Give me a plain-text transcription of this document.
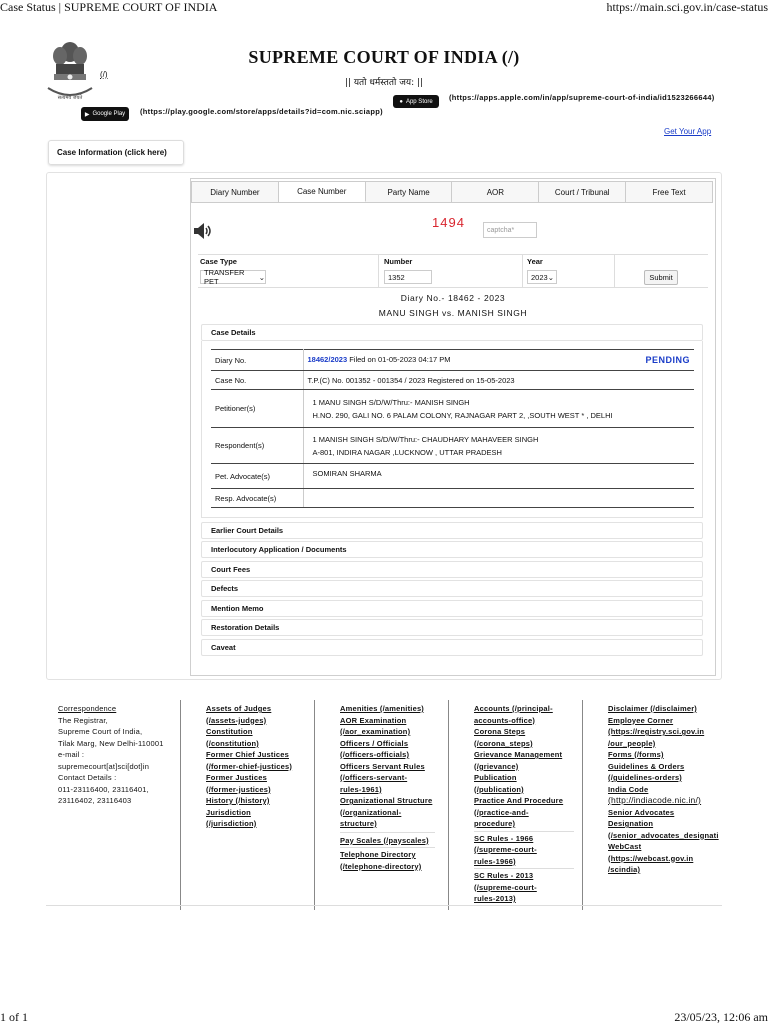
Case Status | SUPREME COURT OF INDIA	https://main.sci.gov.in/case-status
सत्यमेव जयते
(/)
SUPREME COURT OF INDIA (/)
|| यतो धर्मस्ततो जय: ||
▶ Google Play (https://play.google.com/store/apps/details?id=com.nic.sciapp)
● App Store (https://apps.apple.com/in/app/supreme-court-of-india/id1523266644)
Get Your App
Case Information (click here)
Diary Number	Case Number	Party Name	AOR	Court / Tribunal	Free Text
1494	captcha*
Case Type
TRANSFER PET	⌄
Number
1352
Year
2023 ⌄	Submit
Diary No.- 18462 - 2023
MANU SINGH vs. MANISH SINGH
Case Details
Diary No.	18462/2023 Filed on 01-05-2023 04:17 PM PENDING

Case No.	T.P.(C) No. 001352 - 001354 / 2023 Registered on 15-05-2023
Petitioner(s)	1 MANU SINGH S/D/W/Thru:- MANISH SINGH
H.NO. 290, GALI NO. 6 PALAM COLONY, RAJNAGAR PART 2, ,SOUTH WEST * , DELHI

Respondent(s)	1 MANISH SINGH S/D/W/Thru:- CHAUDHARY MAHAVEER SINGH
A-801, INDIRA NAGAR ,LUCKNOW , UTTAR PRADESH

Pet. Advocate(s)	SOMIRAN SHARMA

Resp. Advocate(s)	
Earlier Court Details
Interlocutory Application / Documents
Court Fees
Defects
Mention Memo
Restoration Details
Caveat
Correspondence
The Registrar,
Supreme Court of India,
Tilak Marg, New Delhi-110001
e-mail :
supremecourt[at]sci[dot]in
Contact Details :
011-23116400, 23116401,
23116402, 23116403
Assets of Judges
(/assets-judges)
Constitution
(/constitution)
Former Chief Justices
(/former-chief-justices)
Former Justices
(/former-justices)
History (/history)
Jurisdiction
(/jurisdiction)
Amenities (/amenities)
AOR Examination
(/aor_examination)
Officers / Officials
(/officers-officials)
Officers Servant Rules
(/officers-servant-
rules-1961)
Organizational Structure
(/organizational-
structure)
Pay Scales (/payscales)
Telephone Directory
(/telephone-directory)
Accounts (/principal-
accounts-office)
Corona Steps
(/corona_steps)
Grievance Management
(/grievance)
Publication
(/publication)
Practice And Procedure
(/practice-and-
procedure)
SC Rules - 1966
(/supreme-court-
rules-1966)
SC Rules - 2013
(/supreme-court-
rules-2013)
Disclaimer (/disclaimer)
Employee Corner
(https://registry.sci.gov.in
/our_people)
Forms (/forms)
Guidelines & Orders
(/guidelines-orders)
India Code
(http://indiacode.nic.in/)
Senior Advocates
Designation
(/senior_advocates_designati
WebCast
(https://webcast.gov.in
/scindia)
1 of 1	23/05/23, 12:06 am
